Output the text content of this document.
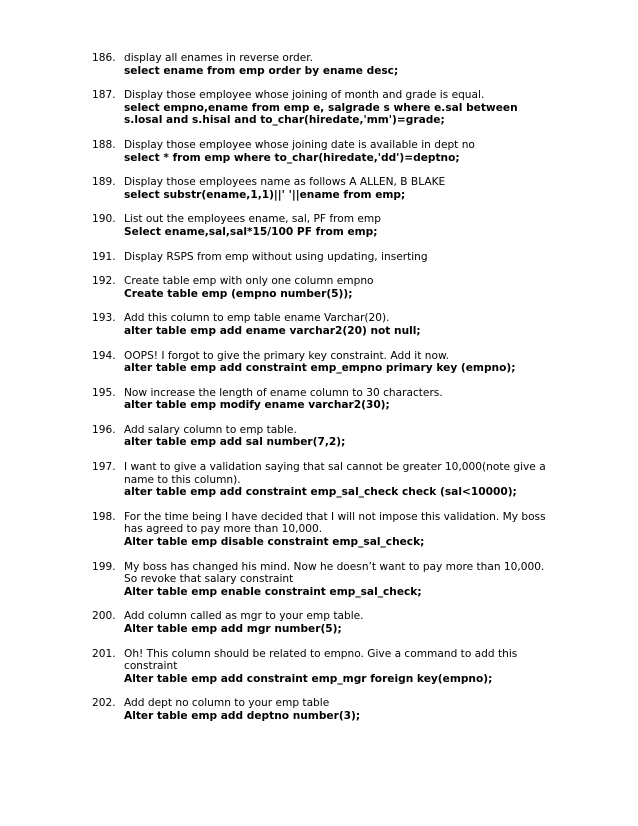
186. display all enames in reverse order.
select ename from emp order by ename desc;
187. Display those employee whose joining of month and grade is equal.
select empno,ename from emp e, salgrade s where e.sal between s.losal and s.hisal and to_char(hiredate,'mm')=grade;
188. Display those employee whose joining date is available in dept no
select * from emp where to_char(hiredate,'dd')=deptno;
189. Display those employees name as follows A ALLEN, B BLAKE
select substr(ename,1,1)||' '||ename from emp;
190. List out the employees ename, sal, PF from emp
Select ename,sal,sal*15/100 PF from emp;
191. Display RSPS from emp without using updating, inserting
192. Create table emp with only one column empno
Create table emp (empno number(5));
193. Add this column to emp table ename Varchar(20).
alter table emp add ename varchar2(20) not null;
194. OOPS! I forgot to give the primary key constraint. Add it now.
alter table emp add constraint emp_empno primary key (empno);
195. Now increase the length of ename column to 30 characters.
alter table emp modify ename varchar2(30);
196. Add salary column to emp table.
alter table emp add sal number(7,2);
197. I want to give a validation saying that sal cannot be greater 10,000(note give a name to this column).
alter table emp add constraint emp_sal_check check (sal<10000);
198. For the time being I have decided that I will not impose this validation. My boss has agreed to pay more than 10,000.
Alter table emp disable constraint emp_sal_check;
199. My boss has changed his mind. Now he doesn’t want to pay more than 10,000. So revoke that salary constraint
Alter table emp enable constraint emp_sal_check;
200. Add column called as mgr to your emp table.
Alter table emp add mgr number(5);
201. Oh! This column should be related to empno. Give a command to add this constraint
Alter table emp add constraint emp_mgr foreign key(empno);
202. Add dept no column to your emp table
Alter table emp add deptno number(3);
